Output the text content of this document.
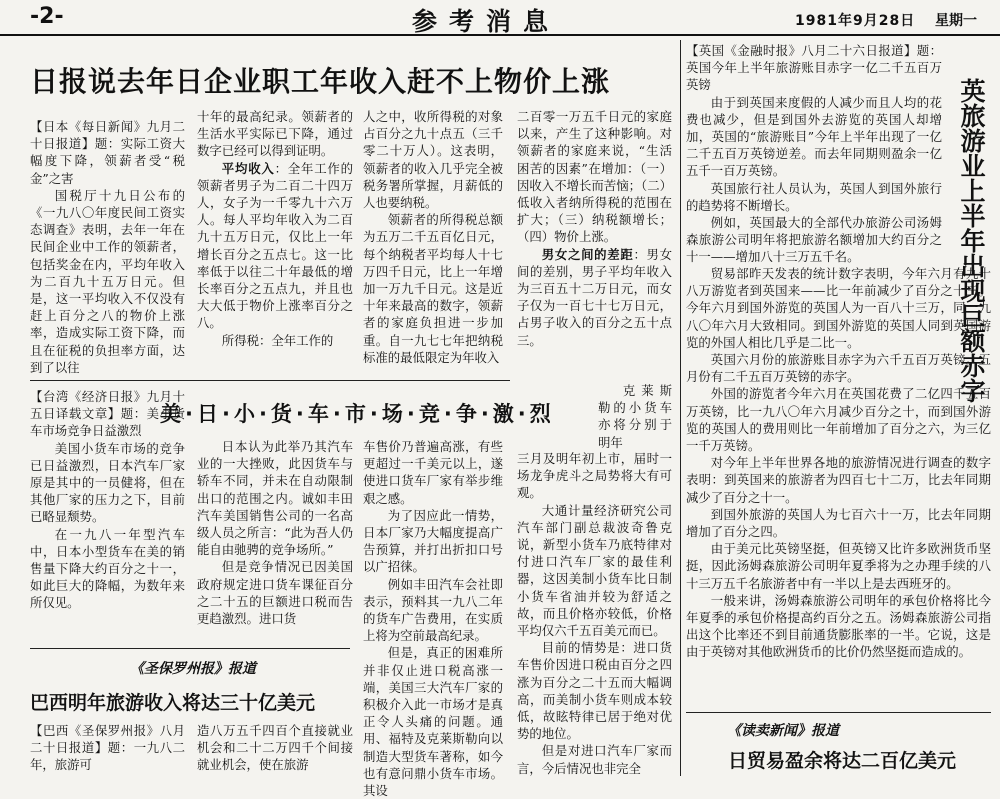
-2-	参考消息	1981年9月28日 星期一
日报说去年日企业职工年收入赶不上物价上涨

【日本《每日新闻》九月二十日报道】题：实际工资大幅度下降，领薪者受“税金”之害

国税厅十九日公布的《一九八〇年度民间工资实态调查》表明，去年一年在民间企业中工作的领薪者，包括奖金在内，平均年收入为二百九十五万日元。但是，这一平均收入不仅没有赶上百分之八的物价上涨率，造成实际工资下降，而且在征税的负担率方面，达到了以往

十年的最高纪录。领薪者的生活水平实际已下降，通过数字已经可以得到证明。

平均收入：全年工作的领薪者男子为二百二十四万人，女子为一千零九十六万人。每人平均年收入为二百九十五万日元，仅比上一年增长百分之五点七。这一比率低于以往二十年最低的增长率百分之五点九，并且也大大低于物价上涨率百分之八。

所得税：全年工作的

人之中，收所得税的对象占百分之九十点五（三千零二十万人）。这表明，领薪者的收入几乎完全被税务署所掌握，月薪低的人也要纳税。

领薪者的所得税总额为五万二千五百亿日元，每个纳税者平均每人十七万四千日元，比上一年增加一万九千日元。这是近十年来最高的数字，领薪者的家庭负担进一步加重。自一九七七年把纳税标准的最低限定为年收入

二百零一万五千日元的家庭以来，产生了这种影响。对领薪者的家庭来说，“生活困苦的因素”在增加：（一）因收入不增长而苦恼；（二）低收入者纳所得税的范围在扩大；（三）纳税额增长；（四）物价上涨。

男女之间的差距：男女间的差别，男子平均年收入为三百五十二万日元，而女子仅为一百七十七万日元，占男子收入的百分之五十点三。

美·日·小·货·车·市·场·竞·争·激·烈

【台湾《经济日报》九月十五日译载文章】题：美小货车市场竞争日益激烈

美国小货车市场的竞争已日益激烈，日本汽车厂家原是其中的一员健将，但在其他厂家的压力之下，目前已略显颓势。

在一九八一年型汽车中，日本小型货车在美的销售量下降大约百分之十一，如此巨大的降幅，为数年来所仅见。

日本认为此举乃其汽车业的一大挫败，此因货车与轿车不同，并未在自动限制出口的范围之内。诚如丰田汽车美国销售公司的一名高级人员之所言：“此为吾人仍能自由驰骋的竞争场所。”

但是竞争情况已因美国政府规定进口货车课征百分之二十五的巨额进口税而告更趋激烈。进口货

车售价乃普遍高涨，有些更超过一千美元以上，遂使进口货车厂家有举步维艰之感。

为了因应此一情势，日本厂家乃大幅度提高广告预算，并打出折扣口号以广招徕。

例如丰田汽车会社即表示，预料其一九八二年的货车广告费用，在实质上将为空前最高纪录。

但是，真正的困难所并非仅止进口税高涨一端，美国三大汽车厂家的积极介入此一市场才是真正令人头痛的问题。通用、福特及克莱斯勒向以制造大型货车著称，如今也有意问鼎小货车市场。其设

克莱斯勒的小货车亦将分别于明年

三月及明年初上市，届时一场龙争虎斗之局势将大有可观。

大通计量经济研究公司汽车部门副总裁波奇鲁克说，新型小货车乃底特律对付进口汽车厂家的最佳利器，这因美制小货车比日制小货车省油并较为舒适之故，而且价格亦较低，价格平均仅六千五百美元而已。

目前的情势是：进口货车售价因进口税由百分之四涨为百分之二十五而大幅调高，而美制小货车则成本较低，故眩特律已居于绝对优势的地位。

但是对进口汽车厂家而言，今后情况也非完全

《圣保罗州报》报道
巴西明年旅游收入将达三十亿美元

【巴西《圣保罗州报》八月二十日报道】题：一九八二年，旅游可

造八万五千四百个直接就业机会和二十二万四千个间接就业机会，使在旅游

英旅游业上半年出现巨额赤字

【英国《金融时报》八月二十六日报道】题：英国今年上半年旅游账目赤字一亿二千五百万英镑

由于到英国来度假的人减少而且人均的花费也减少，但是到国外去游览的英国人却增加，英国的“旅游账目”今年上半年出现了一亿二千五百万英镑逆差。而去年同期则盈余一亿五千一百万英镑。

英国旅行社人员认为，英国人到国外旅行的趋势将不断增长。

例如，英国最大的全部代办旅游公司汤姆森旅游公司明年将把旅游名额增加大约百分之十一——增加八十三万五千名。

贸易部昨天发表的统计数字表明，今年六月有九十八万游览者到英国来——比一年前减少了百分之十三。今年六月到国外游览的英国人为一百八十三万，同一九八〇年六月大致相同。到国外游览的英国人同到英国游览的外国人相比几乎是二比一。

英国六月份的旅游账目赤字为六千五百万英镑。五月份有二千五百万英镑的赤字。

外国的游览者今年六月在英国花费了二亿四千五百万英镑，比一九八〇年六月减少百分之十，而到国外游览的英国人的费用则比一年前增加了百分之六，为三亿一千万英镑。

对今年上半年世界各地的旅游情况进行调查的数字表明：到英国来的旅游者为四百七十二万，比去年同期减少了百分之十一。

到国外旅游的英国人为七百六十一万，比去年同期增加了百分之四。

由于美元比英镑坚挺，但英镑又比许多欧洲货币坚挺，因此汤姆森旅游公司明年夏季将为之办理手续的八十三万五千名旅游者中有一半以上是去西班牙的。

一般来讲，汤姆森旅游公司明年的承包价格将比今年夏季的承包价格提高约百分之五。汤姆森旅游公司指出这个比率还不到目前通货膨胀率的一半。它说，这是由于英镑对其他欧洲货币的比价仍然坚挺而造成的。

《读卖新闻》报道
日贸易盈余将达二百亿美元
